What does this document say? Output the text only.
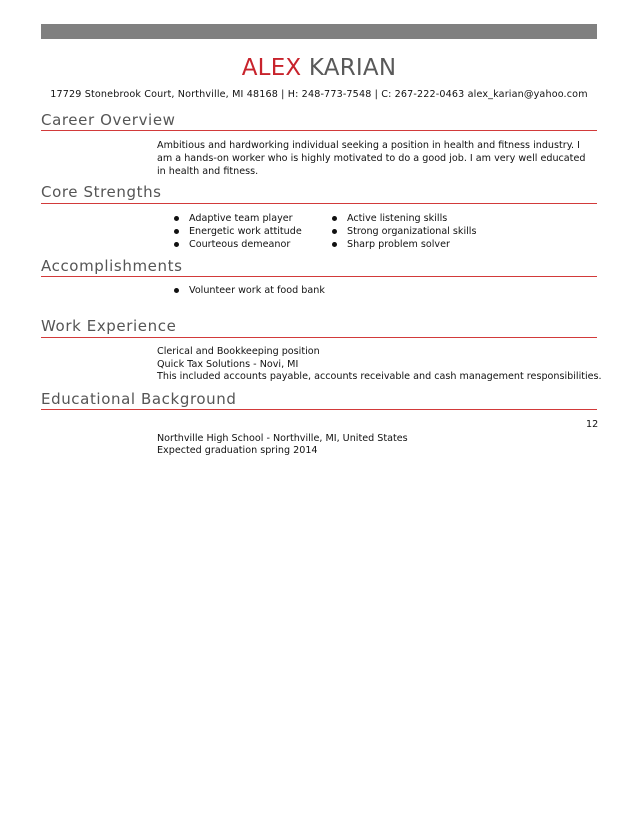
ALEX KARIAN
17729 Stonebrook Court, Northville, MI 48168 | H: 248-773-7548 | C: 267-222-0463 alex_karian@yahoo.com
Career Overview
Ambitious and hardworking individual seeking a position in health and fitness industry. I am a hands-on worker who is highly motivated to do a good job. I am very well educated in health and fitness.
Core Strengths
Adaptive team player
Energetic work attitude
Courteous demeanor
Active listening skills
Strong organizational skills
Sharp problem solver
Accomplishments
Volunteer work at food bank
Work Experience
Clerical and Bookkeeping position
Quick Tax Solutions - Novi, MI
This included accounts payable, accounts receivable and cash management responsibilities.
Educational Background
12
Northville High School - Northville, MI, United States
Expected graduation spring 2014
